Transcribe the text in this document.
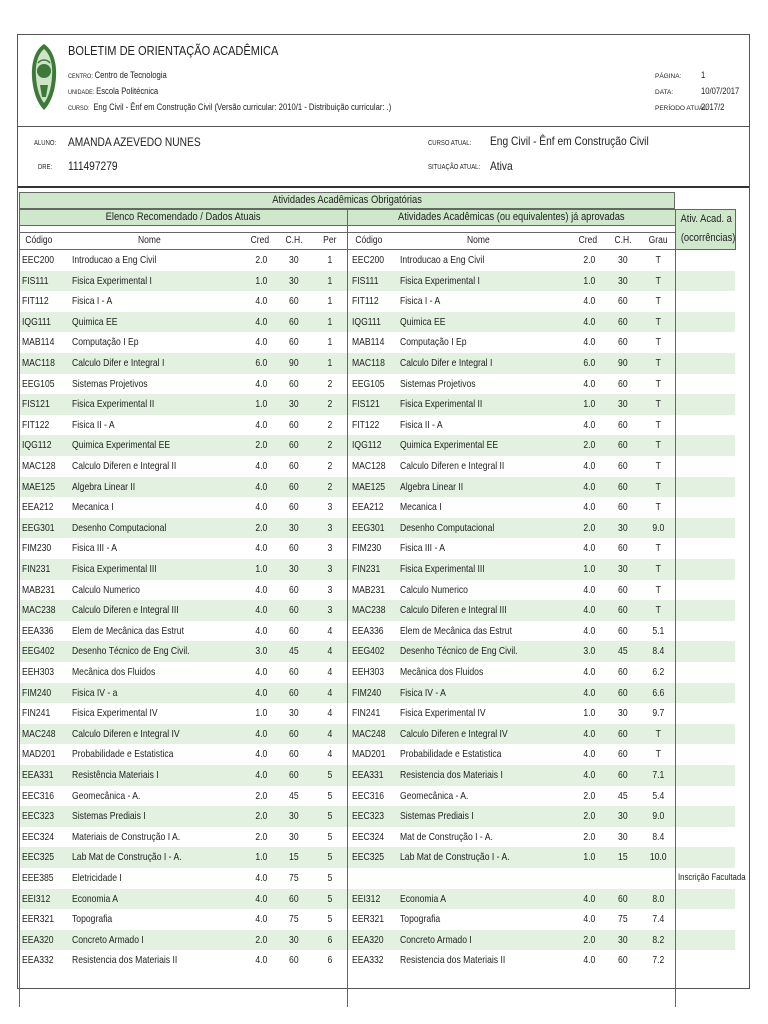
BOLETIM DE ORIENTAÇÃO ACADÊMICA
CENTRO: Centro de Tecnologia
UNIDADE: Escola Politécnica
CURSO: Eng Civil - Ênf em Construção Civil (Versão curricular: 2010/1 - Distribuição curricular: .)
PÁGINA: 1
DATA:	10/07/2017
PERÍODO ATUAL:
2017/2
ALUNO: AMANDA AZEVEDO NUNES
DRE: 111497279
CURSO ATUAL: Eng Civil - Ênf em Construção Civil
SITUAÇÃO ATUAL: Ativa
Atividades Acadêmicas Obrigatórias
Elenco Recomendado / Dados Atuais	Atividades Acadêmicas (ou equivalentes) já aprovadas
Código	Nome	Cred	C.H.	Per	Código	Nome	Cred	C.H.	Grau
Ativ. Acad. a
(ocorrências)
EEC200	Introducao a Eng Civil	2.0	30	1	EEC200	Introducao a Eng Civil	2.0	30	T
FIS111	Fisica Experimental I	1.0	30	1	FIS111	Fisica Experimental I	1.0	30	T
FIT112	Fisica I - A	4.0	60	1	FIT112	Fisica I - A	4.0	60	T
IQG111	Quimica EE	4.0	60	1	IQG111	Quimica EE	4.0	60	T
MAB114	Computação I Ep	4.0	60	1	MAB114	Computação I Ep	4.0	60	T
MAC118	Calculo Difer e Integral I	6.0	90	1	MAC118	Calculo Difer e Integral I	6.0	90	T
EEG105	Sistemas Projetivos	4.0	60	2	EEG105	Sistemas Projetivos	4.0	60	T
FIS121	Fisica Experimental II	1.0	30	2	FIS121	Fisica Experimental II	1.0	30	T
FIT122	Fisica II - A	4.0	60	2	FIT122	Fisica II - A	4.0	60	T
IQG112	Quimica Experimental EE	2.0	60	2	IQG112	Quimica Experimental EE	2.0	60	T
MAC128	Calculo Diferen e Integral II	4.0	60	2	MAC128	Calculo Diferen e Integral II	4.0	60	T
MAE125	Algebra Linear II	4.0	60	2	MAE125	Algebra Linear II	4.0	60	T
EEA212	Mecanica I	4.0	60	3	EEA212	Mecanica I	4.0	60	T
EEG301	Desenho Computacional	2.0	30	3	EEG301	Desenho Computacional	2.0	30	9.0
FIM230	Fisica III - A	4.0	60	3	FIM230	Fisica III - A	4.0	60	T
FIN231	Fisica Experimental III	1.0	30	3	FIN231	Fisica Experimental III	1.0	30	T
MAB231	Calculo Numerico	4.0	60	3	MAB231	Calculo Numerico	4.0	60	T
MAC238	Calculo Diferen e Integral III	4.0	60	3	MAC238	Calculo Diferen e Integral III	4.0	60	T
EEA336	Elem de Mecânica das Estrut	4.0	60	4	EEA336	Elem de Mecânica das Estrut	4.0	60	5.1
EEG402	Desenho Técnico de Eng Civil.	3.0	45	4	EEG402	Desenho Técnico de Eng Civil.	3.0	45	8.4
EEH303	Mecânica dos Fluidos	4.0	60	4	EEH303	Mecânica dos Fluidos	4.0	60	6.2
FIM240	Fisica IV - a	4.0	60	4	FIM240	Fisica IV - A	4.0	60	6.6
FIN241	Fisica Experimental IV	1.0	30	4	FIN241	Fisica Experimental IV	1.0	30	9.7
MAC248	Calculo Diferen e Integral IV	4.0	60	4	MAC248	Calculo Diferen e Integral IV	4.0	60	T
MAD201	Probabilidade e Estatistica	4.0	60	4	MAD201	Probabilidade e Estatistica	4.0	60	T
EEA331	Resistência Materiais I	4.0	60	5	EEA331	Resistencia dos Materiais I	4.0	60	7.1
EEC316	Geomecânica - A.	2.0	45	5	EEC316	Geomecânica - A.	2.0	45	5.4
EEC323	Sistemas Prediais I	2.0	30	5	EEC323	Sistemas Prediais I	2.0	30	9.0
EEC324	Materiais de Construção I A.	2.0	30	5	EEC324	Mat de Construção I - A.	2.0	30	8.4
EEC325	Lab Mat de Construção I - A.	1.0	15	5	EEC325	Lab Mat de Construção I - A.	1.0	15	10.0
EEE385	Eletricidade I	4.0	75	5	Inscrição Facultada
EEI312	Economia A	4.0	60	5	EEI312	Economia A	4.0	60	8.0
EER321	Topografia	4.0	75	5	EER321	Topografia	4.0	75	7.4
EEA320	Concreto Armado I	2.0	30	6	EEA320	Concreto Armado I	2.0	30	8.2
EEA332	Resistencia dos Materiais II	4.0	60	6	EEA332	Resistencia dos Materiais II	4.0	60	7.2
